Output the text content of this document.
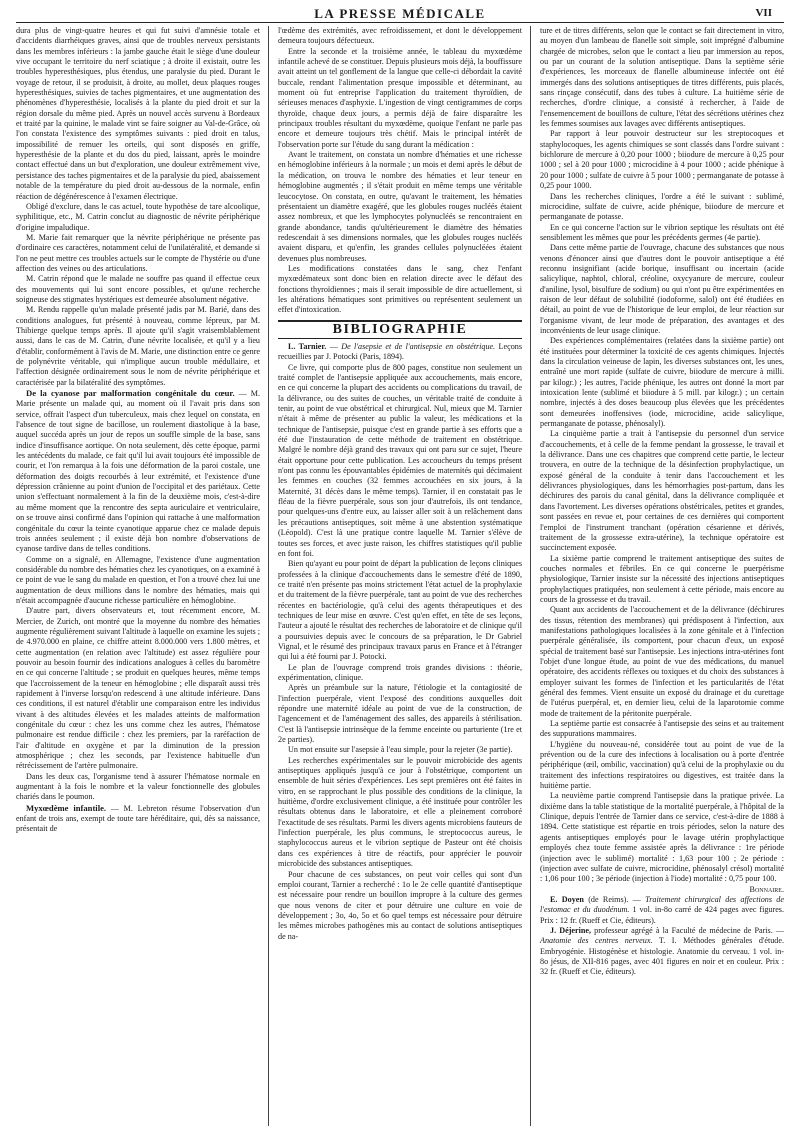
LA PRESSE MÉDICALE	VII

dura plus de vingt-quatre heures et qui fut suivi d'amnésie totale et d'accidents diarrhéiques graves, ainsi que de troubles nerveux persistants dans les membres inférieurs : la jambe gauche était le siège d'une douleur vive occupant le territoire du nerf sciatique ; à droite il existait, outre les troubles hyperesthésiques, plus étendus, une paralysie du pied. Durant le voyage de retour, il se produisit, à droite, au mollet, deux plaques rouges hyperesthésiques, suivies de taches pigmentaires, et une augmentation des phénomènes d'hyperesthésie, localisés à la plante du pied droit et sur la région dorsale du même pied. Après un nouvel accès survenu à Bordeaux et traité par la quinine, le malade vint se faire soigner au Val-de-Grâce, où l'on constata l'existence des symptômes suivants : pied droit en talus, impossibilité de remuer les orteils, qui sont disposés en griffe, hyperesthésie de la plante et du dos du pied, laissant, après le moindre contact effectué dans un but d'exploration, une douleur extrêmement vive, persistance des taches pigmentaires et de la paralysie du pied, abaissement notable de la température du pied droit au-dessous de la normale, enfin réaction de dégénérescence à l'examen électrique.

Obligé d'exclure, dans le cas actuel, toute hypothèse de tare alcoolique, syphilitique, etc., M. Catrin conclut au diagnostic de névrite périphérique d'origine impaludique.

M. Marie fait remarquer que la névrite périphérique ne présente pas d'ordinaire ces caractères, notamment celui de l'unilatéralité, et demande si l'on ne peut mettre ces troubles actuels sur le compte de l'hystérie ou d'une affection des veines ou des articulations.

M. Catrin répond que le malade ne souffre pas quand il effectue ceux des mouvements qui lui sont encore possibles, et qu'une recherche soigneuse des stigmates hystériques est demeurée absolument négative.

M. Rendu rappelle qu'un malade présenté jadis par M. Barié, dans des conditions analogues, fut présenté à nouveau, comme lépreux, par M. Thibierge quelque temps après. Il ajoute qu'il s'agit vraisemblablement aussi, dans le cas de M. Catrin, d'une névrite localisée, et qu'il y a lieu d'établir, conformément à l'avis de M. Marie, une distinction entre ce genre de polynévrite véritable, qui n'implique aucun trouble médullaire, et l'affection désignée ordinairement sous le nom de névrite périphérique et caractérisée par la bilatéralité des symptômes.

De la cyanose par malformation congénitale du cœur. — M. Marie présente un malade qui, au moment où il l'avait pris dans son service, offrait l'aspect d'un tuberculeux, mais chez lequel on constata, en l'absence de tout signe de bacillose, un roulement diastolique à la base, auquel succéda après un jour de repos un souffle simple de la base, sans indice d'insuffisance aortique. On nota seulement, dès cette époque, parmi les antécédents du malade, ce fait qu'il lui avait toujours été impossible de courir, et l'on remarqua à la fois une déformation de la paroi costale, une déformation des doigts recourbés à leur extrémité, et l'existence d'une dépression crânienne au point d'union de l'occipital et des pariétaux. Cette union s'effectuant normalement à la fin de la deuxième mois, c'est-à-dire au même moment que la rencontre des septa auriculaire et ventriculaire, on se trouve ainsi confirmé dans l'opinion qui rattache à une malformation congénitale du cœur la teinte cyanotique apparue chez ce malade depuis trois années seulement ; il existe déjà bon nombre d'observations de cyanose tardive dans de telles conditions.

Comme on a signalé, en Allemagne, l'existence d'une augmentation considérable du nombre des hématies chez les cyanotiques, on a examiné à ce point de vue le sang du malade en question, et l'on a trouvé chez lui une augmentation de deux millions dans le nombre des hématies, mais qui n'était accompagnée d'aucune richesse particulière en hémoglobine.

D'autre part, divers observateurs et, tout récemment encore, M. Mercier, de Zurich, ont montré que la moyenne du nombre des hématies augmente régulièrement suivant l'altitude à laquelle on examine les sujets ; de 4.970.000 en plaine, ce chiffre atteint 8.000.000 vers 1.800 mètres, et cette augmentation (en relation avec l'altitude) est assez régulière pour pouvoir au besoin fournir des indications analogues à celles du baromètre en ce qui concerne l'altitude ; se produit en quelques heures, même temps que l'accroissement de la teneur en hémoglobine ; elle disparaît aussi très rapidement à l'inverse lorsqu'on redescend à une altitude inférieure. Dans ces conditions, il est naturel d'établir une comparaison entre les individus vivant à des altitudes élevées et les malades atteints de malformation congénitale du cœur : chez les uns comme chez les autres, l'hématose pulmonaire est rendue difficile : chez les premiers, par la raréfaction de l'air d'altitude en oxygène et par la diminution de la pression atmosphérique ; chez les seconds, par l'existence habituelle d'un rétrécissement de l'artère pulmonaire.

Dans les deux cas, l'organisme tend à assurer l'hématose normale en augmentant à la fois le nombre et la valeur fonctionnelle des globules chariés dans le poumon.

Myxœdème infantile. — M. Lebreton résume l'observation d'un enfant de trois ans, exempt de toute tare héréditaire, qui, dès sa naissance, présentait de

l'œdème des extrémités, avec refroidissement, et dont le développement demeura toujours défectueux.

Entre la seconde et la troisième année, le tableau du myxœdème infantile achevé de se constituer. Depuis plusieurs mois déjà, la bouffissure avait atteint un tel gonflement de la langue que celle-ci débordait la cavité buccale, rendant l'alimentation presque impossible et déterminant, au moment où fut entreprise l'application du traitement thyroïdien, de sérieuses menaces d'asphyxie. L'ingestion de vingt centigrammes de corps thyroïde, chaque deux jours, a permis déjà de faire disparaître les principaux troubles résultant du myxœdème, quoique l'enfant ne parle pas encore et demeure toujours très chétif. Mais le principal intérêt de l'observation porte sur l'étude du sang durant la médication :

Avant le traitement, on constata un nombre d'hématies et une richesse en hémoglobine inférieurs à la normale ; un mois et demi après le début de la médication, on trouva le nombre des hématies et leur teneur en hémoglobine augmentés ; il s'était produit en même temps une véritable leucocytose. On constata, en outre, qu'avant le traitement, les hématies présentaient un diamètre exagéré, que les globules rouges nucléés étaient assez nombreux, et que les lymphocytes polynucléés se rencontraient en grande abondance, tandis qu'ultérieurement le diamètre des hématies redescendait à ses dimensions normales, que les globules rouges nucléés avaient disparu, et qu'enfin, les grandes cellules polynucléées étaient devenues plus nombreuses.

Les modifications constatées dans le sang, chez l'enfant myxœdémateux sont donc bien en relation directe avec le défaut des fonctions thyroïdiennes ; mais il serait impossible de dire actuellement, si les altérations hématiques sont primitives ou représentent seulement un effet d'intoxication.

BIBLIOGRAPHIE

L. Tarnier. — De l'asepsie et de l'antisepsie en obstétrique. Leçons recueillies par J. Potocki (Paris, 1894).

Ce livre, qui comporte plus de 800 pages, constitue non seulement un traité complet de l'antisepsie appliquée aux accouchements, mais encore, en ce qui concerne la plupart des accidents ou complications du travail, de la délivrance, ou des suites de couches, un véritable traité de conduite à tenir, au point de vue obstétrical et chirurgical. Nul, mieux que M. Tarnier n'était à même de présenter au public la valeur, les médications et la technique de l'antisepsie, puisque c'est en grande partie à ses efforts que a été due l'instauration de cette méthode de traitement en obstétrique. Malgré le nombre déjà grand des travaux qui ont paru sur ce sujet, l'heure était opportune pour cette publication. Les accoucheurs du temps présent n'ont pas connu les épouvantables épidémies de maternités qui décimaient les femmes en couches (32 femmes accouchées en six jours, à la Maternité, 31 décès dans le même temps). Tarnier, il en constatait pas le fléau de la fièvre puerpérale, sous son jour d'autrefois, ils ont tendance, pour quelques-uns d'entre eux, au laisser aller soit à un relâchement dans les précautions antiseptiques, soit même à une abstention systématique (Léopold). C'est là une pratique contre laquelle M. Tarnier s'élève de toutes ses forces, et avec juste raison, les chiffres statistiques qu'il publie en font foi.

Bien qu'ayant eu pour point de départ la publication de leçons cliniques professées à la clinique d'accouchements dans le semestre d'été de 1890, ce traité n'en présente pas moins strictement l'état actuel de la prophylaxie et du traitement de la fièvre puerpérale, tant au point de vue des recherches récentes en bactériologie, qu'à celui des agents thérapeutiques et des techniques de leur mise en œuvre. C'est qu'en effet, en tête de ses leçons, l'auteur a ajouté le résultat des recherches de laboratoire et de clinique qu'il a poursuivies depuis avec le concours de sa préparation, le Dr Gabriel Vignal, et le résumé des principaux travaux parus en France et à l'étranger qui lui a été fourni par J. Potocki.

Le plan de l'ouvrage comprend trois grandes divisions : théorie, expérimentation, clinique.

Après un préambule sur la nature, l'étiologie et la contagiosité de l'infection puerpérale, vient l'exposé des conditions auxquelles doit répondre une maternité idéale au point de vue de la construction, de l'agencement et de l'aménagement des salles, des appareils à stérilisation. C'est là l'antisepsie intrinsèque de la femme enceinte ou parturiente (1re et 2e parties).

Un mot ensuite sur l'asepsie à l'eau simple, pour la rejeter (3e partie).

Les recherches expérimentales sur le pouvoir microbicide des agents antiseptiques appliqués jusqu'à ce jour à l'obstétrique, comportent un ensemble de huit séries d'expériences. Les sept premières ont été faites in vitro, en se rapprochant le plus possible des conditions de la clinique, la huitième, d'ordre exclusivement clinique, a été instituée pour contrôler les résultats obtenus dans le laboratoire, et elle a pleinement corroboré l'exactitude de ses résultats. Parmi les divers agents microbiens fauteurs de l'infection puerpérale, les plus communs, le streptococcus aureus, le staphylococcus aureus et le vibrion septique de Pasteur ont été choisis dans ces expériences à titre de réactifs, pour apprécier le pouvoir microbicide des substances antiseptiques.

Pour chacune de ces substances, on peut voir celles qui sont d'un emploi courant, Tarnier a recherché : 1o le 2e celle quantité d'antiseptique est nécessaire pour rendre un bouillon impropre à la culture des germes que nous venons de citer et pour détruire une culture en voie de développement ; 3o, 4o, 5o et 6o quel temps est nécessaire pour détruire les mêmes microbes pathogènes mis au contact de solutions antiseptiques de na-

ture et de titres différents, selon que le contact se fait directement in vitro, au moyen d'un lambeau de flanelle soit simple, soit imprégné d'albumine chargée de microbes, selon que le contact a lieu par immersion au repos, ou par un courant de la solution antiseptique. Dans la septième série d'expériences, les morceaux de flanelle albumineuse infectée ont été immergés dans des solutions antiseptiques de titres différents, puis placés, sans rinçage consécutif, dans des tubes à culture. La huitième série de recherches, d'ordre clinique, a consisté à rechercher, à l'aide de l'ensemencement de bouillons de culture, l'état des sécrétions utérines chez les femmes soumises aux lavages avec différents antiseptiques.

Par rapport à leur pouvoir destructeur sur les streptocoques et staphylocoques, les agents chimiques se sont classés dans l'ordre suivant : bichlorure de mercure à 0,20 pour 1000 ; biiodure de mercure à 0,25 pour 1000 ; sel à 20 pour 1000 ; microcidine à 4 pour 1000 ; acide phénique à 20 pour 1000 ; sulfate de cuivre à 5 pour 1000 ; permanganate de potasse à 0,25 pour 1000.

Dans les recherches cliniques, l'ordre a été le suivant : sublimé, microcidine, sulfate de cuivre, acide phénique, biiodure de mercure et permanganate de potasse.

En ce qui concerne l'action sur le vibrion septique les résultats ont été sensiblement les mêmes que pour les précédents germes (4e partie).

Dans cette même partie de l'ouvrage, chacune des substances que nous venons d'énoncer ainsi que d'autres dont le pouvoir antiseptique a été reconnu insignifiant (acide borique, insuffisant ou incertain (acide salicylique, naphtol, chloral, créoline, oxycyanure de mercure, couleur d'aniline, lysol, bisulfure de sodium) ou qui n'ont pu être expérimentées en raison de leur défaut de solubilité (iodoforme, salol) ont été étudiées en détail, au point de vue de l'historique de leur emploi, de leur réaction sur l'organisme vivant, de leur mode de préparation, des avantages et des inconvénients de leur usage clinique.

Des expériences complémentaires (relatées dans la sixième partie) ont été instituées pour déterminer la toxicité de ces agents chimiques. Injectés dans la circulation veineuse de lapin, les diverses substances ont, les unes, entraîné une mort rapide (sulfate de cuivre, biiodure de mercure à milli. par kilogr.) ; les autres, l'acide phénique, les autres ont donné la mort par intoxication lente (sublimé et biiodure à 5 mill. par kilogr.) ; un certain nombre, injectés à des doses beaucoup plus élevées que les précédentes sont demeurées inoffensives (iode, microcidine, acide salicylique, permanganate de potasse, phénosalyl).

La cinquième partie a trait à l'antisepsie du personnel d'un service d'accouchements, et à celle de la femme pendant la grossesse, le travail et la délivrance. Dans une ces chapitres que comprend cette partie, le lecteur trouvera, en outre de la technique de la désinfection prophylactique, un exposé général de la conduite à tenir dans l'accouchement et les délivrances physiologiques, dans les hémorrhagies post-partum, dans les déchirures des parois du canal génital, dans la délivrance compliquée et dans l'avortement. Les diverses opérations obstétricales, petites et grandes, sont passées en revue et, pour certaines de ces dernières qui comportent l'emploi de l'instrument tranchant (opération césarienne et dérivés, traitement de la grossesse extra-utérine), la technique opératoire est succinctement exposée.

La sixième partie comprend le traitement antiseptique des suites de couches normales et fébriles. En ce qui concerne le puerpérisme physiologique, Tarnier insiste sur la nécessité des injections antiseptiques prophylactiques pratiquées, non seulement à cette période, mais encore au cours de la grossesse et du travail.

Quant aux accidents de l'accouchement et de la délivrance (déchirures des tissus, rétention des membranes) qui prédisposent à l'infection, aux manifestations pathologiques localisées à la zone génitale et à l'infection puerpérale généralisée, ils comportent, pour chacun d'eux, un exposé spécial de traitement basé sur l'antisepsie. Les injections intra-utérines font l'objet d'une longue étude, au point de vue des médications, du manuel opératoire, des accidents réflexes ou toxiques et du choix des substances à employer suivant les formes de l'infection et les particularités de l'état général des femmes. Vient ensuite un exposé du drainage et du curettage de l'utérus puerpéral, et, en dernier lieu, celui de la laparotomie comme mode de traitement de la péritonite puerpérale.

La septième partie est consacrée à l'antisepsie des seins et au traitement des suppurations mammaires.

L'hygiène du nouveau-né, considérée tout au point de vue de la prévention ou de la cure des infections à localisation ou à porte d'entrée périphérique (œil, ombilic, vaccination) qu'à celui de la prophylaxie ou du traitement des infections respiratoires ou digestives, est traitée dans la huitième partie.

La neuvième partie comprend l'antisepsie dans la pratique privée. La dixième dans la table statistique de la mortalité puerpérale, à l'hôpital de la Clinique, depuis l'entrée de Tarnier dans ce service, c'est-à-dire de 1888 à 1894. Cette statistique est répartie en trois périodes, selon la nature des agents antiseptiques employés pour le lavage utérin prophylactique employés chez toute femme assistée après la délivrance : 1re période (injection avec le sublimé) mortalité : 1,63 pour 100 ; 2e période : (injection avec sulfate de cuivre, microcidine, phénosalyl crésol) mortalité : 1,06 pour 100 ; 3e période (injection à l'iode) mortalité : 0,75 pour 100.

Bonnaire.

E. Doyen (de Reims). — Traitement chirurgical des affections de l'estomac et du duodénum. 1 vol. in-8o carré de 424 pages avec figures. Prix : 12 fr. (Rueff et Cie, éditeurs).

J. Déjerine, professeur agrégé à la Faculté de médecine de Paris. — Anatomie des centres nerveux. T. I. Méthodes générales d'étude. Embryogénie. Histogénèse et histologie. Anatomie du cerveau. 1 vol. in-8o jésus, de XII-816 pages, avec 401 figures en noir et en couleur. Prix : 32 fr. (Rueff et Cie, éditeurs).
